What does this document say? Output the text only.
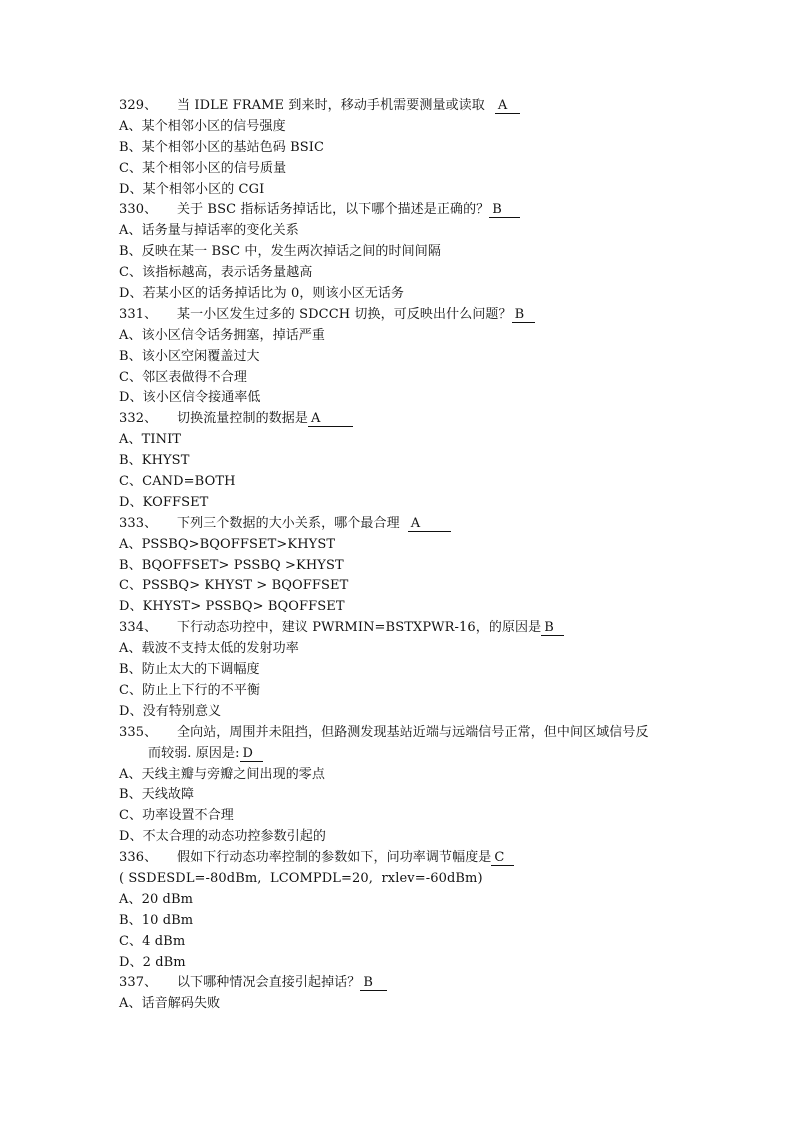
329、 当 IDLE FRAME 到来时，移动手机需要测量或读取 A
A、某个相邻小区的信号强度
B、某个相邻小区的基站色码 BSIC
C、某个相邻小区的信号质量
D、某个相邻小区的 CGI
330、 关于 BSC 指标话务掉话比，以下哪个描述是正确的？ B
A、话务量与掉话率的变化关系
B、反映在某一 BSC 中，发生两次掉话之间的时间间隔
C、该指标越高，表示话务量越高
D、若某小区的话务掉话比为 0，则该小区无话务
331、 某一小区发生过多的 SDCCH 切换，可反映出什么问题？ B
A、该小区信令话务拥塞，掉话严重
B、该小区空闲覆盖过大
C、邻区表做得不合理
D、该小区信令接通率低
332、 切换流量控制的数据是 A
A、TINIT
B、KHYST
C、CAND=BOTH
D、KOFFSET
333、 下列三个数据的大小关系，哪个最合理 A
A、PSSBQ>BQOFFSET>KHYST
B、BQOFFSET> PSSBQ >KHYST
C、PSSBQ> KHYST > BQOFFSET
D、KHYST> PSSBQ> BQOFFSET
334、 下行动态功控中，建议 PWRMIN=BSTXPWR-16，的原因是 B
A、载波不支持太低的发射功率
B、防止太大的下调幅度
C、防止上下行的不平衡
D、没有特别意义
335、 全向站，周围并未阻挡，但路测发现基站近端与远端信号正常，但中间区域信号反
而较弱. 原因是: D
A、天线主瓣与旁瓣之间出现的零点
B、天线故障
C、功率设置不合理
D、不太合理的动态功控参数引起的
336、 假如下行动态功率控制的参数如下，问功率调节幅度是 C
( SSDESDL=-80dBm,  LCOMPDL=20,  rxlev=-60dBm)
A、20 dBm
B、10 dBm
C、4 dBm
D、2 dBm
337、 以下哪种情况会直接引起掉话？ B
A、话音解码失败
